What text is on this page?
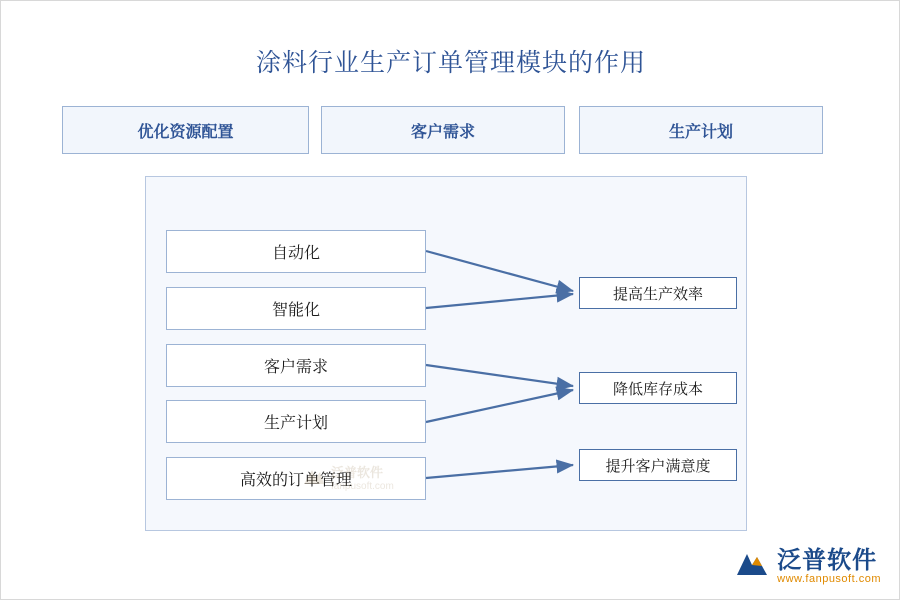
涂料行业生产订单管理模块的作用
优化资源配置	客户需求	生产计划
自动化
智能化
客户需求
生产计划
高效的订单管理
提高生产效率
降低库存成本
提升客户满意度
泛普软件
fanpusoft.com
泛普软件
www.fanpusoft.com
